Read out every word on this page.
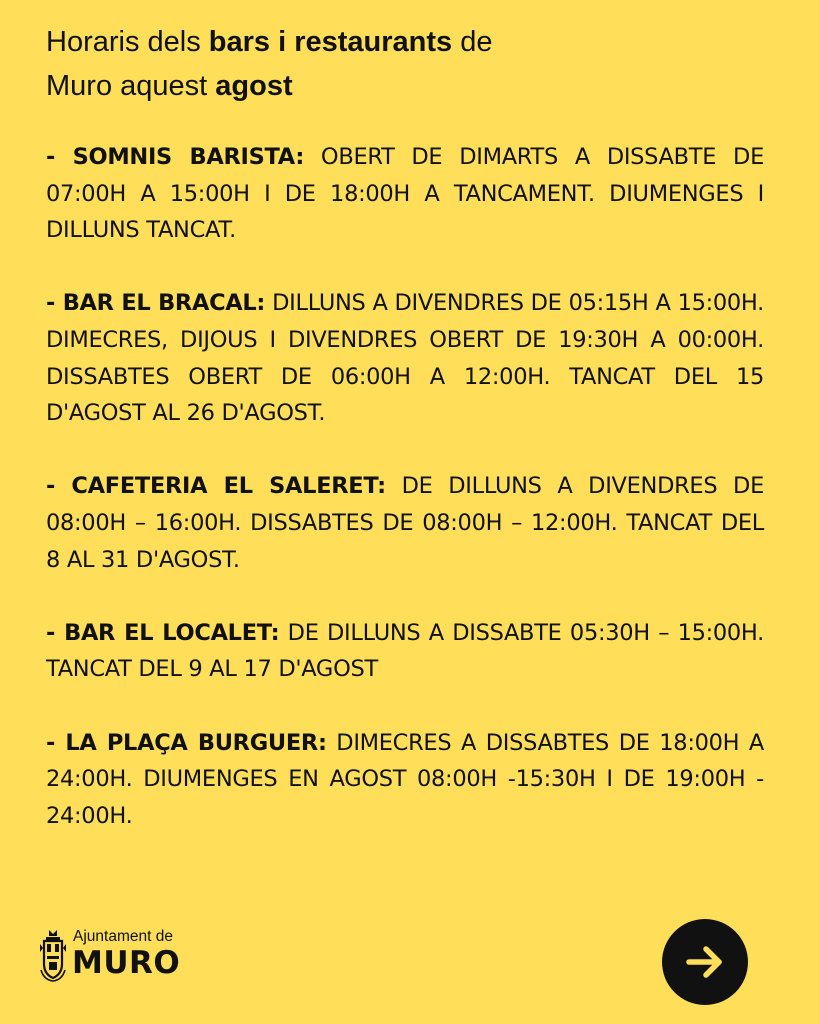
Horaris dels bars i restaurants de
Muro aquest agost

- SOMNIS BARISTA: OBERT DE DIMARTS A DISSABTE DE 07:00H A 15:00H I DE 18:00H A TANCAMENT. DIUMENGES I DILLUNS TANCAT.

- BAR EL BRACAL: DILLUNS A DIVENDRES DE 05:15H A 15:00H. DIMECRES, DIJOUS I DIVENDRES OBERT DE 19:30H A 00:00H. DISSABTES OBERT DE 06:00H A 12:00H. TANCAT DEL 15 D'AGOST AL 26 D'AGOST.

- CAFETERIA EL SALERET: DE DILLUNS A DIVENDRES DE 08:00H – 16:00H. DISSABTES DE 08:00H – 12:00H. TANCAT DEL 8 AL 31 D'AGOST.

- BAR EL LOCALET: DE DILLUNS A DISSABTE 05:30H – 15:00H. TANCAT DEL 9 AL 17 D'AGOST

- LA PLAÇA BURGUER: DIMECRES A DISSABTES DE 18:00H A 24:00H. DIUMENGES EN AGOST 08:00H -15:30H I DE 19:00H - 24:00H.

Ajuntament de
MURO
